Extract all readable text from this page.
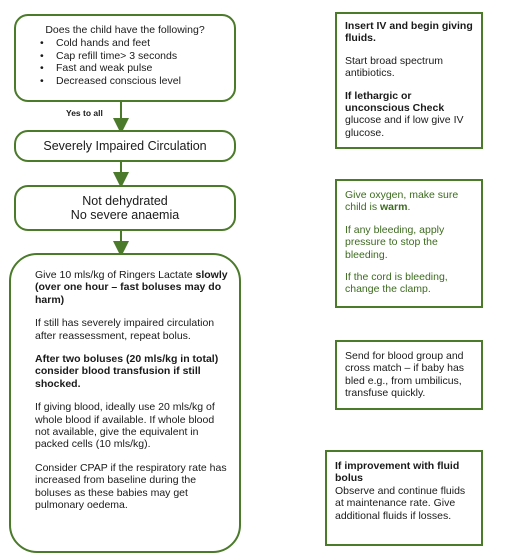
Does the child have the following?

• Cold hands and feet
• Cap refill time> 3 seconds
• Fast and weak pulse
• Decreased conscious level
Yes to all
Severely Impaired Circulation
Not dehydrated
No severe anaemia

Give 10 mls/kg of Ringers Lactate slowly (over one hour – fast boluses may do harm)

If still has severely impaired circulation after reassessment, repeat bolus.

After two boluses (20 mls/kg in total) consider blood transfusion if still shocked.

If giving blood, ideally use 20 mls/kg of whole blood if available. If whole blood not available, give the equivalent in packed cells (10 mls/kg).

Consider CPAP if the respiratory rate has increased from baseline during the boluses as these babies may get pulmonary oedema.

Insert IV and begin giving fluids.

Start broad spectrum antibiotics.

If lethargic or unconscious Check glucose and if low give IV glucose.

Give oxygen, make sure child is warm.

If any bleeding, apply pressure to stop the bleeding.

If the cord is bleeding, change the clamp.

Send for blood group and cross match – if baby has bled e.g., from umbilicus, transfuse quickly.

If improvement with fluid bolus

Observe and continue fluids at maintenance rate. Give additional fluids if losses.
